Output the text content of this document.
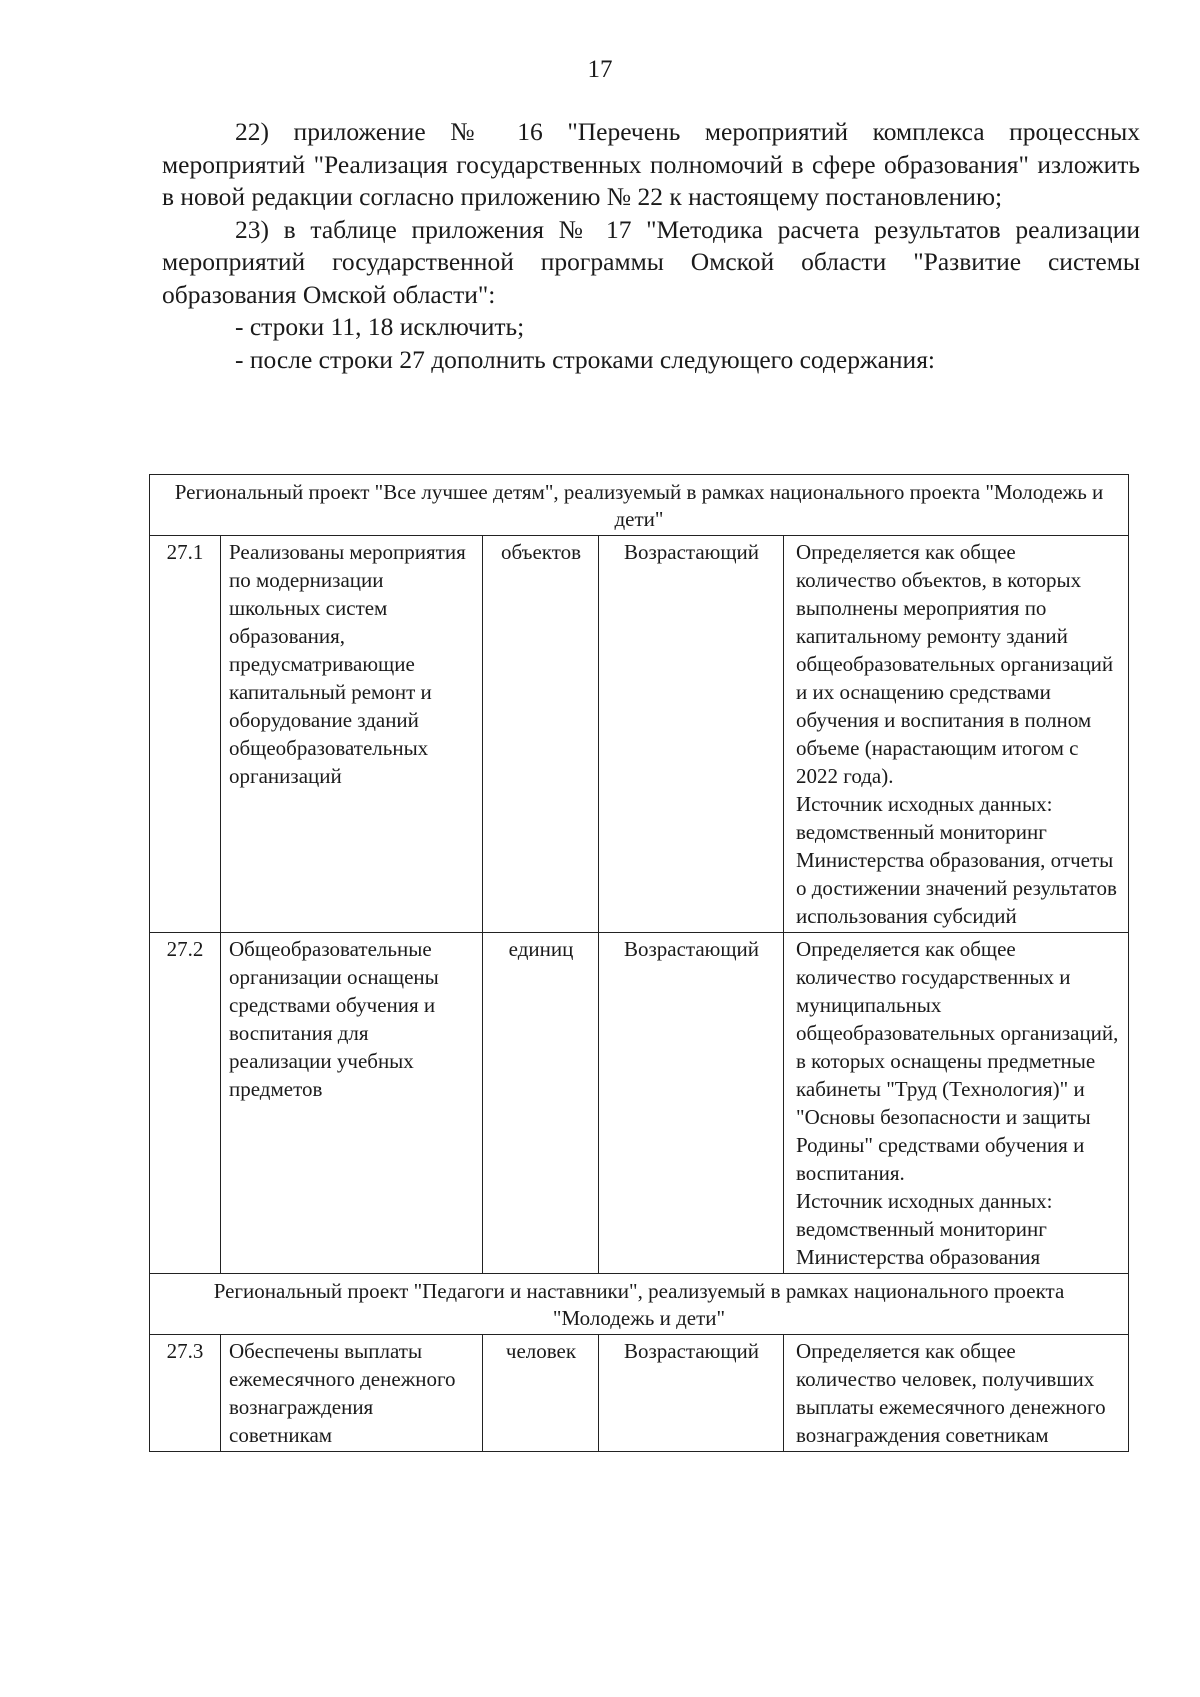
17

22) приложение № 16 "Перечень мероприятий комплекса процессных мероприятий "Реализация государственных полномочий в сфере образования" изложить в новой редакции согласно приложению № 22 к настоящему постановлению;

23) в таблице приложения № 17 "Методика расчета результатов реализации мероприятий государственной программы Омской области "Развитие системы образования Омской области":

- строки 11, 18 исключить;

- после строки 27 дополнить строками следующего содержания:

Региональный проект "Все лучшее детям", реализуемый в рамках национального проекта "Молодежь и дети"				
27.1	Реализованы мероприятия по модернизации школьных систем образования, предусматривающие капитальный ремонт и оборудование зданий общеобразовательных организаций	объектов	Возрастающий	Определяется как общее количество объектов, в которых выполнены мероприятия по капитальному ремонту зданий общеобразовательных организаций и их оснащению средствами обучения и воспитания в полном объеме (нарастающим итогом с 2022 года).
Источник исходных данных: ведомственный мониторинг Министерства образования, отчеты о достижении значений результатов использования субсидий

27.2	Общеобразовательные организации оснащены средствами обучения и воспитания для реализации учебных предметов	единиц	Возрастающий	Определяется как общее количество государственных и муниципальных общеобразовательных организаций, в которых оснащены предметные кабинеты "Труд (Технология)" и "Основы безопасности и защиты Родины" средствами обучения и воспитания.
Источник исходных данных: ведомственный мониторинг Министерства образования

Региональный проект "Педагоги и наставники", реализуемый в рамках национального проекта "Молодежь и дети"				
27.3	Обеспечены выплаты ежемесячного денежного вознаграждения советникам	человек	Возрастающий	Определяется как общее количество человек, получивших выплаты ежемесячного денежного вознаграждения советникам
